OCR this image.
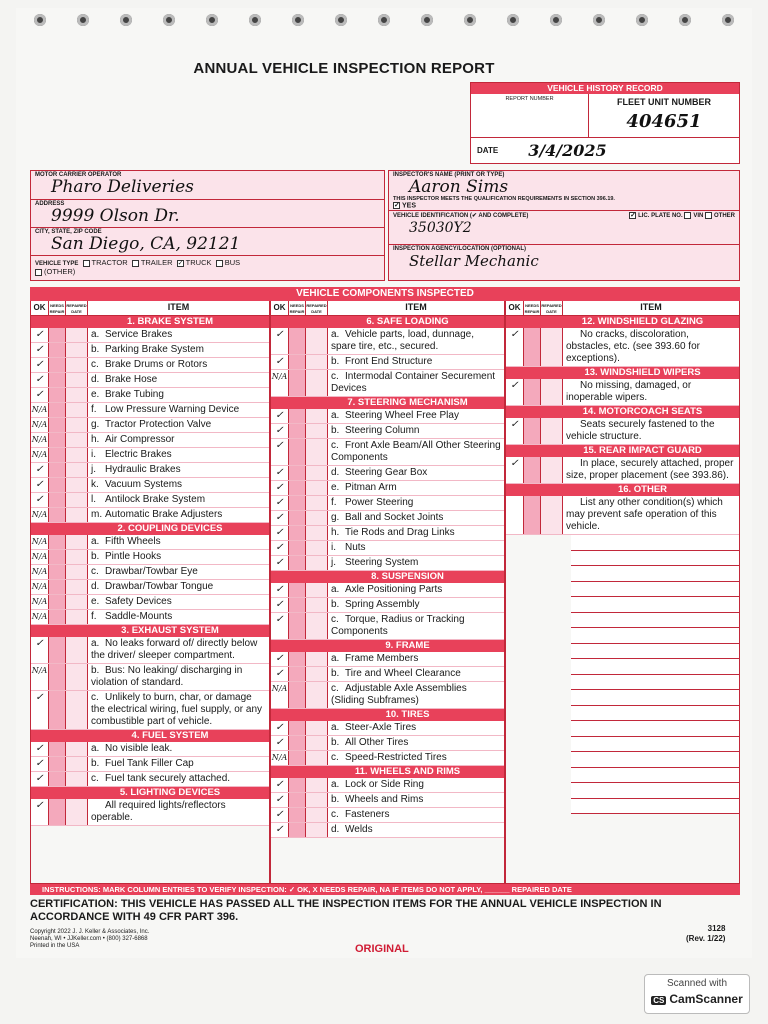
ANNUAL VEHICLE INSPECTION REPORT
VEHICLE HISTORY RECORD
REPORT NUMBER	FLEET UNIT NUMBER
404651
DATE 3/4/2025
MOTOR CARRIER OPERATOR
Pharo Deliveries
ADDRESS
9999 Olson Dr.
CITY, STATE, ZIP CODE
San Diego, CA, 92121
VEHICLE TYPE TRACTOR TRAILER ✓ TRUCK BUS
(OTHER)
INSPECTOR'S NAME (PRINT OR TYPE)
Aaron Sims
THIS INSPECTOR MEETS THE QUALIFICATION REQUIREMENTS IN SECTION 396.19.
✓ YES
VEHICLE IDENTIFICATION (✔ AND COMPLETE)	✓ LIC. PLATE NO. VIN OTHER
35030Y2
INSPECTION AGENCY/LOCATION (OPTIONAL)
Stellar Mechanic
VEHICLE COMPONENTS INSPECTED
OK	NEEDS REPAIR
REPAIRED DATE	ITEM
1. BRAKE SYSTEM
✓	a. Service Brakes
✓	b. Parking Brake System
✓	c. Brake Drums or Rotors
✓	d. Brake Hose
✓	e. Brake Tubing
N/A	f. Low Pressure Warning Device
N/A	g. Tractor Protection Valve
N/A	h. Air Compressor
N/A	i. Electric Brakes
✓	j. Hydraulic Brakes
✓	k. Vacuum Systems
✓	l. Antilock Brake System
N/A	m. Automatic Brake Adjusters
2. COUPLING DEVICES
N/A	a. Fifth Wheels
N/A	b. Pintle Hooks
N/A	c. Drawbar/Towbar Eye
N/A	d. Drawbar/Towbar Tongue
N/A	e. Safety Devices
N/A	f. Saddle-Mounts
3. EXHAUST SYSTEM
✓	a. No leaks forward of/ directly below the driver/ sleeper compartment.
N/A	b. Bus: No leaking/ discharging in violation of standard.
✓	c. Unlikely to burn, char, or damage the electrical wiring, fuel supply, or any combustible part of vehicle.
4. FUEL SYSTEM
✓	a. No visible leak.
✓	b. Fuel Tank Filler Cap
✓	c. Fuel tank securely attached.
5. LIGHTING DEVICES
✓	All required lights/reflectors operable.
OK	NEEDS REPAIR
REPAIRED DATE	ITEM
6. SAFE LOADING
✓	a. Vehicle parts, load, dunnage, spare tire, etc., secured.
✓	b. Front End Structure
N/A	c. Intermodal Container Securement Devices
7. STEERING MECHANISM
✓	a. Steering Wheel Free Play
✓	b. Steering Column
✓	c. Front Axle Beam/All Other Steering Components
✓	d. Steering Gear Box
✓	e. Pitman Arm
✓	f. Power Steering
✓	g. Ball and Socket Joints
✓	h. Tie Rods and Drag Links
✓	i. Nuts
✓	j. Steering System
8. SUSPENSION
✓	a. Axle Positioning Parts
✓	b. Spring Assembly
✓	c. Torque, Radius or Tracking Components
9. FRAME
✓	a. Frame Members
✓	b. Tire and Wheel Clearance
N/A	c. Adjustable Axle Assemblies (Sliding Subframes)
10. TIRES
✓	a. Steer-Axle Tires
✓	b. All Other Tires
N/A	c. Speed-Restricted Tires
11. WHEELS AND RIMS
✓	a. Lock or Side Ring
✓	b. Wheels and Rims
✓	c. Fasteners
✓	d. Welds
OK	NEEDS REPAIR
REPAIRED DATE	ITEM
12. WINDSHIELD GLAZING
✓	No cracks, discoloration, obstacles, etc. (see 393.60 for exceptions).
13. WINDSHIELD WIPERS
✓	No missing, damaged, or inoperable wipers.
14. MOTORCOACH SEATS
✓	Seats securely fastened to the vehicle structure.
15. REAR IMPACT GUARD
✓	In place, securely attached, proper size, proper placement (see 393.86).
16. OTHER
List any other condition(s) which may prevent safe operation of this vehicle.
INSTRUCTIONS: MARK COLUMN ENTRIES TO VERIFY INSPECTION: ✓ OK, X NEEDS REPAIR, NA IF ITEMS DO NOT APPLY, ______ REPAIRED DATE
CERTIFICATION: THIS VEHICLE HAS PASSED ALL THE INSPECTION ITEMS FOR THE ANNUAL VEHICLE INSPECTION IN ACCORDANCE WITH 49 CFR PART 396.
Copyright 2022 J. J. Keller & Associates, Inc.
Neenah, WI • JJKeller.com • (800) 327-6868
Printed in the USA
3128
(Rev. 1/22)
ORIGINAL
Scanned with
CS CamScanner
